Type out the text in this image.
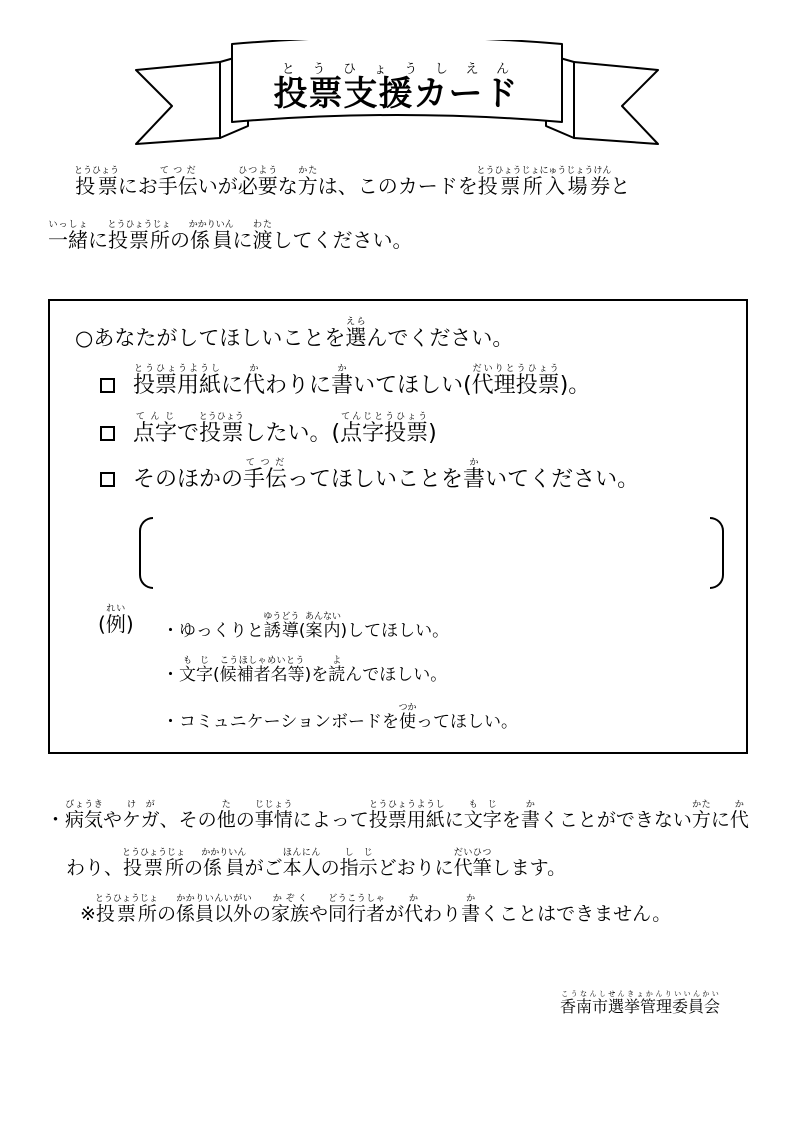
投票支援カードとうひょうしえん
投票とうひょうにお手伝てつだいが必要ひつような方かたは、このカードを投票所入場券とうひょうじょにゅうじょうけんと
一緒いっしょに投票所とうひょうじょの係員かかりいんに渡わたしてください。
○あなたがしてほしいことを選えらんでください。
投票用紙とうひょうようしに代かわりに書かいてほしい(代理投票だいりとうひょう)。
点字てんじで投票とうひょうしたい。(点字投票てんじとうひょう)
そのほかの手伝てつだってほしいことを書かいてください。
(例れい) ・ゆっくりと誘導ゆうどう(案内あんない)してほしい。
・文字もじ(候補者名等こうほしゃめいとう)を読よんでほしい。
・コミュニケーションボードを使つかってほしい。
・病気びょうきやケガけが、その他たの事情じじょうによって投票用紙とうひょうようしに文字もじを書かくことができない方かたに代か
わり、投票所とうひょうじょの係員かかりいんがご本人ほんにんの指示しじどおりに代筆だいひつします。
※投票所とうひょうじょの係員以外かかりいんいがいの家族かぞくや同行者どうこうしゃが代かわり書かくことはできません。
香南市選挙管理委員会こうなんしせんきょかんりいいんかい
